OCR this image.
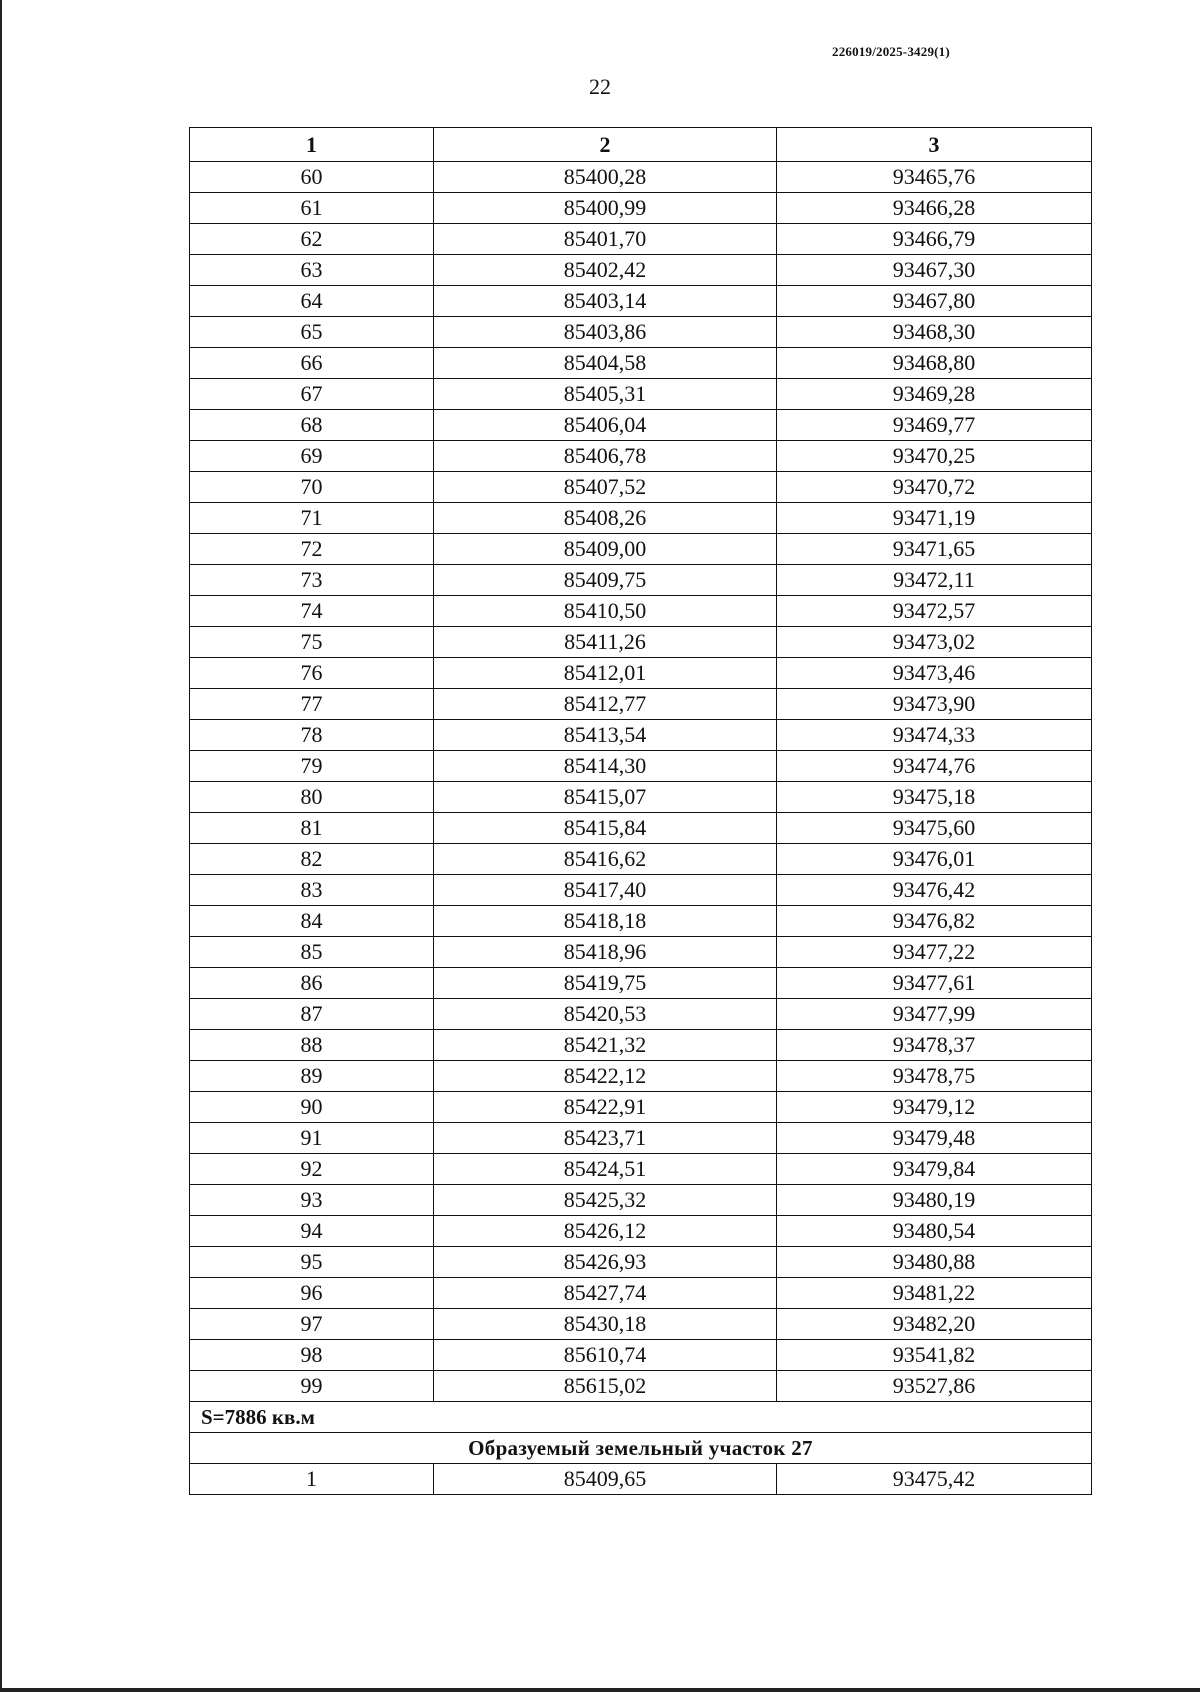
226019/2025-3429(1)
22
1	2	3
60	85400,28	93465,76
61	85400,99	93466,28
62	85401,70	93466,79
63	85402,42	93467,30
64	85403,14	93467,80
65	85403,86	93468,30
66	85404,58	93468,80
67	85405,31	93469,28
68	85406,04	93469,77
69	85406,78	93470,25
70	85407,52	93470,72
71	85408,26	93471,19
72	85409,00	93471,65
73	85409,75	93472,11
74	85410,50	93472,57
75	85411,26	93473,02
76	85412,01	93473,46
77	85412,77	93473,90
78	85413,54	93474,33
79	85414,30	93474,76
80	85415,07	93475,18
81	85415,84	93475,60
82	85416,62	93476,01
83	85417,40	93476,42
84	85418,18	93476,82
85	85418,96	93477,22
86	85419,75	93477,61
87	85420,53	93477,99
88	85421,32	93478,37
89	85422,12	93478,75
90	85422,91	93479,12
91	85423,71	93479,48
92	85424,51	93479,84
93	85425,32	93480,19
94	85426,12	93480,54
95	85426,93	93480,88
96	85427,74	93481,22
97	85430,18	93482,20
98	85610,74	93541,82
99	85615,02	93527,86
S=7886 кв.м		
Образуемый земельный участок 27		
1	85409,65	93475,42
